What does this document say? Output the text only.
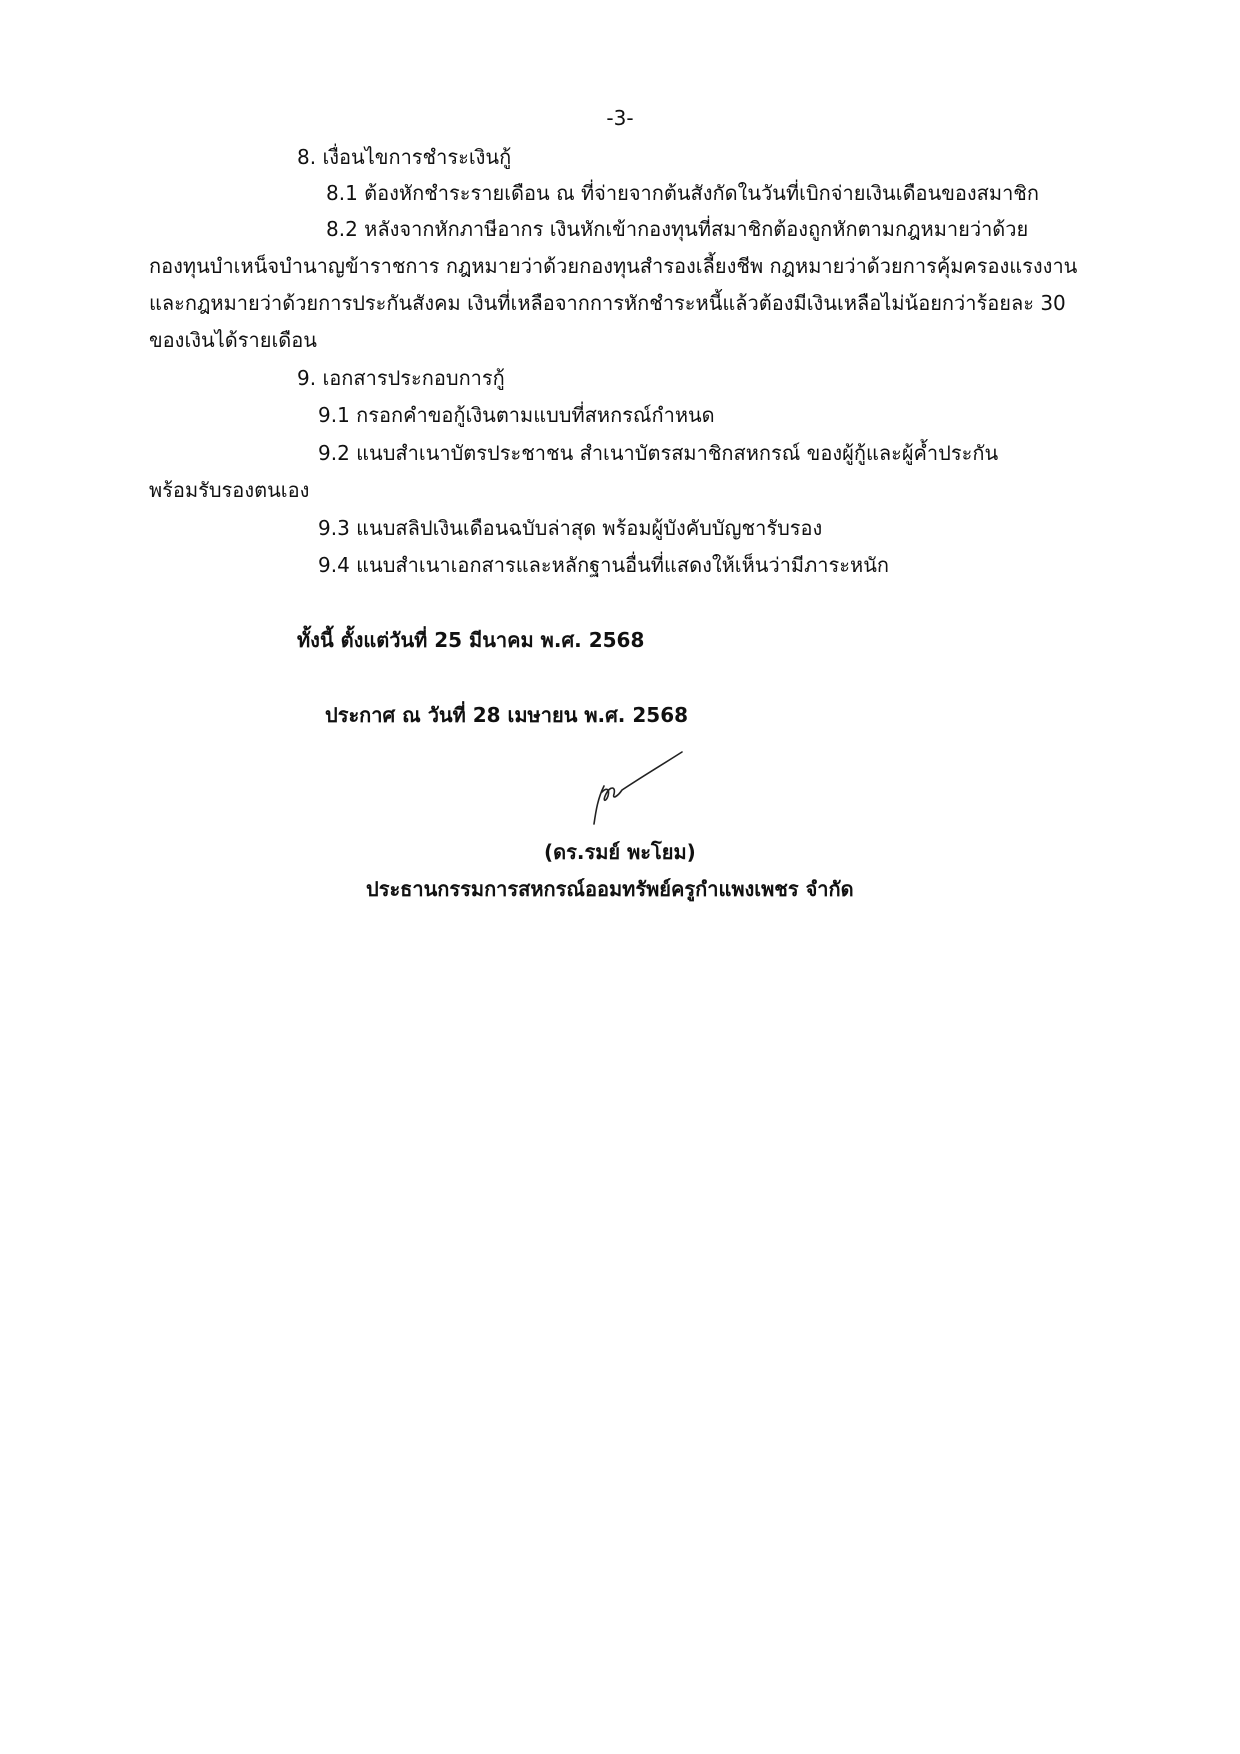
-3-
8. เงื่อนไขการชำระเงินกู้
8.1 ต้องหักชำระรายเดือน ณ ที่จ่ายจากต้นสังกัดในวันที่เบิกจ่ายเงินเดือนของสมาชิก
8.2 หลังจากหักภาษีอากร เงินหักเข้ากองทุนที่สมาชิกต้องถูกหักตามกฎหมายว่าด้วย
กองทุนบำเหน็จบำนาญข้าราชการ กฎหมายว่าด้วยกองทุนสำรองเลี้ยงชีพ กฎหมายว่าด้วยการคุ้มครองแรงงาน
และกฎหมายว่าด้วยการประกันสังคม เงินที่เหลือจากการหักชำระหนี้แล้วต้องมีเงินเหลือไม่น้อยกว่าร้อยละ 30
ของเงินได้รายเดือน
9. เอกสารประกอบการกู้
9.1 กรอกคำขอกู้เงินตามแบบที่สหกรณ์กำหนด
9.2 แนบสำเนาบัตรประชาชน สำเนาบัตรสมาชิกสหกรณ์ ของผู้กู้และผู้ค้ำประกัน
พร้อมรับรองตนเอง
9.3 แนบสลิปเงินเดือนฉบับล่าสุด พร้อมผู้บังคับบัญชารับรอง
9.4 แนบสำเนาเอกสารและหลักฐานอื่นที่แสดงให้เห็นว่ามีภาระหนัก
ทั้งนี้ ตั้งแต่วันที่ 25 มีนาคม พ.ศ. 2568
ประกาศ ณ วันที่ 28 เมษายน พ.ศ. 2568
(ดร.รมย์ พะโยม)
ประธานกรรมการสหกรณ์ออมทรัพย์ครูกำแพงเพชร จำกัด
